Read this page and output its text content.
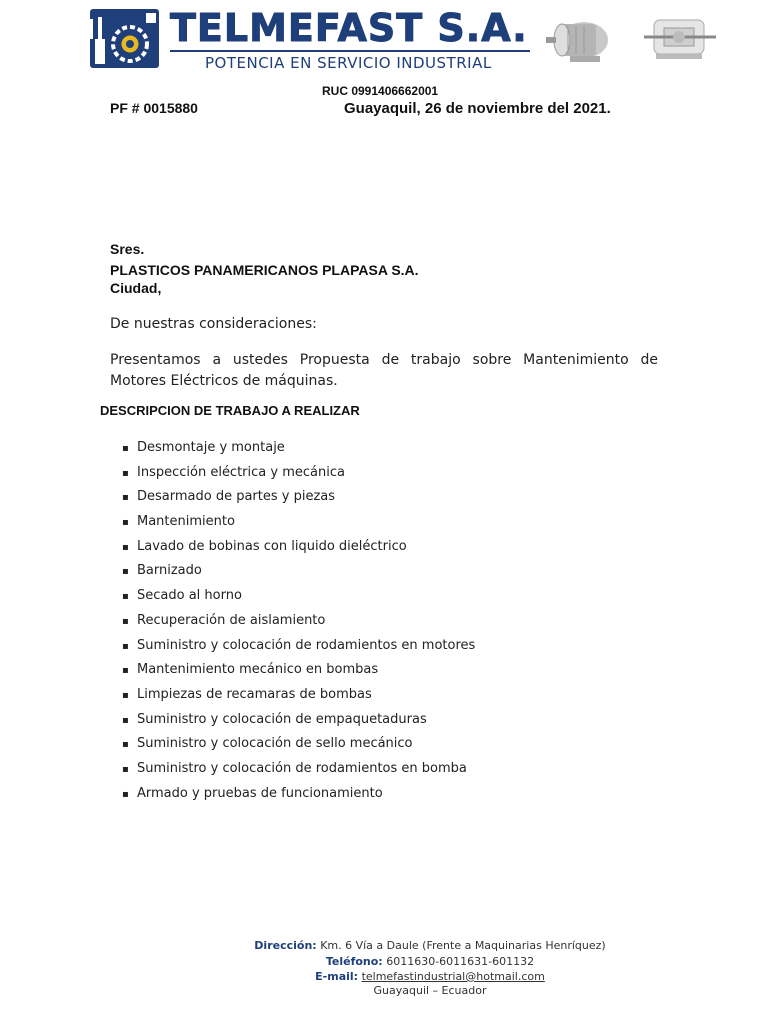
TELMEFAST S.A.
POTENCIA EN SERVICIO INDUSTRIAL
RUC 0991406662001
PF # 0015880	Guayaquil, 26 de noviembre del 2021.
Sres.
PLASTICOS PANAMERICANOS PLAPASA S.A.
Ciudad,
De nuestras consideraciones:
Presentamos a ustedes Propuesta de trabajo sobre Mantenimiento de Motores Eléctricos de máquinas.
DESCRIPCION DE TRABAJO A REALIZAR
▪ Desmontaje y montaje
▪ Inspección eléctrica y mecánica
▪ Desarmado de partes y piezas
▪ Mantenimiento
▪ Lavado de bobinas con liquido dieléctrico
▪ Barnizado
▪ Secado al horno
▪ Recuperación de aislamiento
▪ Suministro y colocación de rodamientos en motores
▪ Mantenimiento mecánico en bombas
▪ Limpiezas de recamaras de bombas
▪ Suministro y colocación de empaquetaduras
▪ Suministro y colocación de sello mecánico
▪ Suministro y colocación de rodamientos en bomba
▪ Armado y pruebas de funcionamiento
Dirección: Km. 6 Vía a Daule (Frente a Maquinarias Henríquez)
Teléfono: 6011630-6011631-601132
E-mail: telmefastindustrial@hotmail.com
Guayaquil – Ecuador
